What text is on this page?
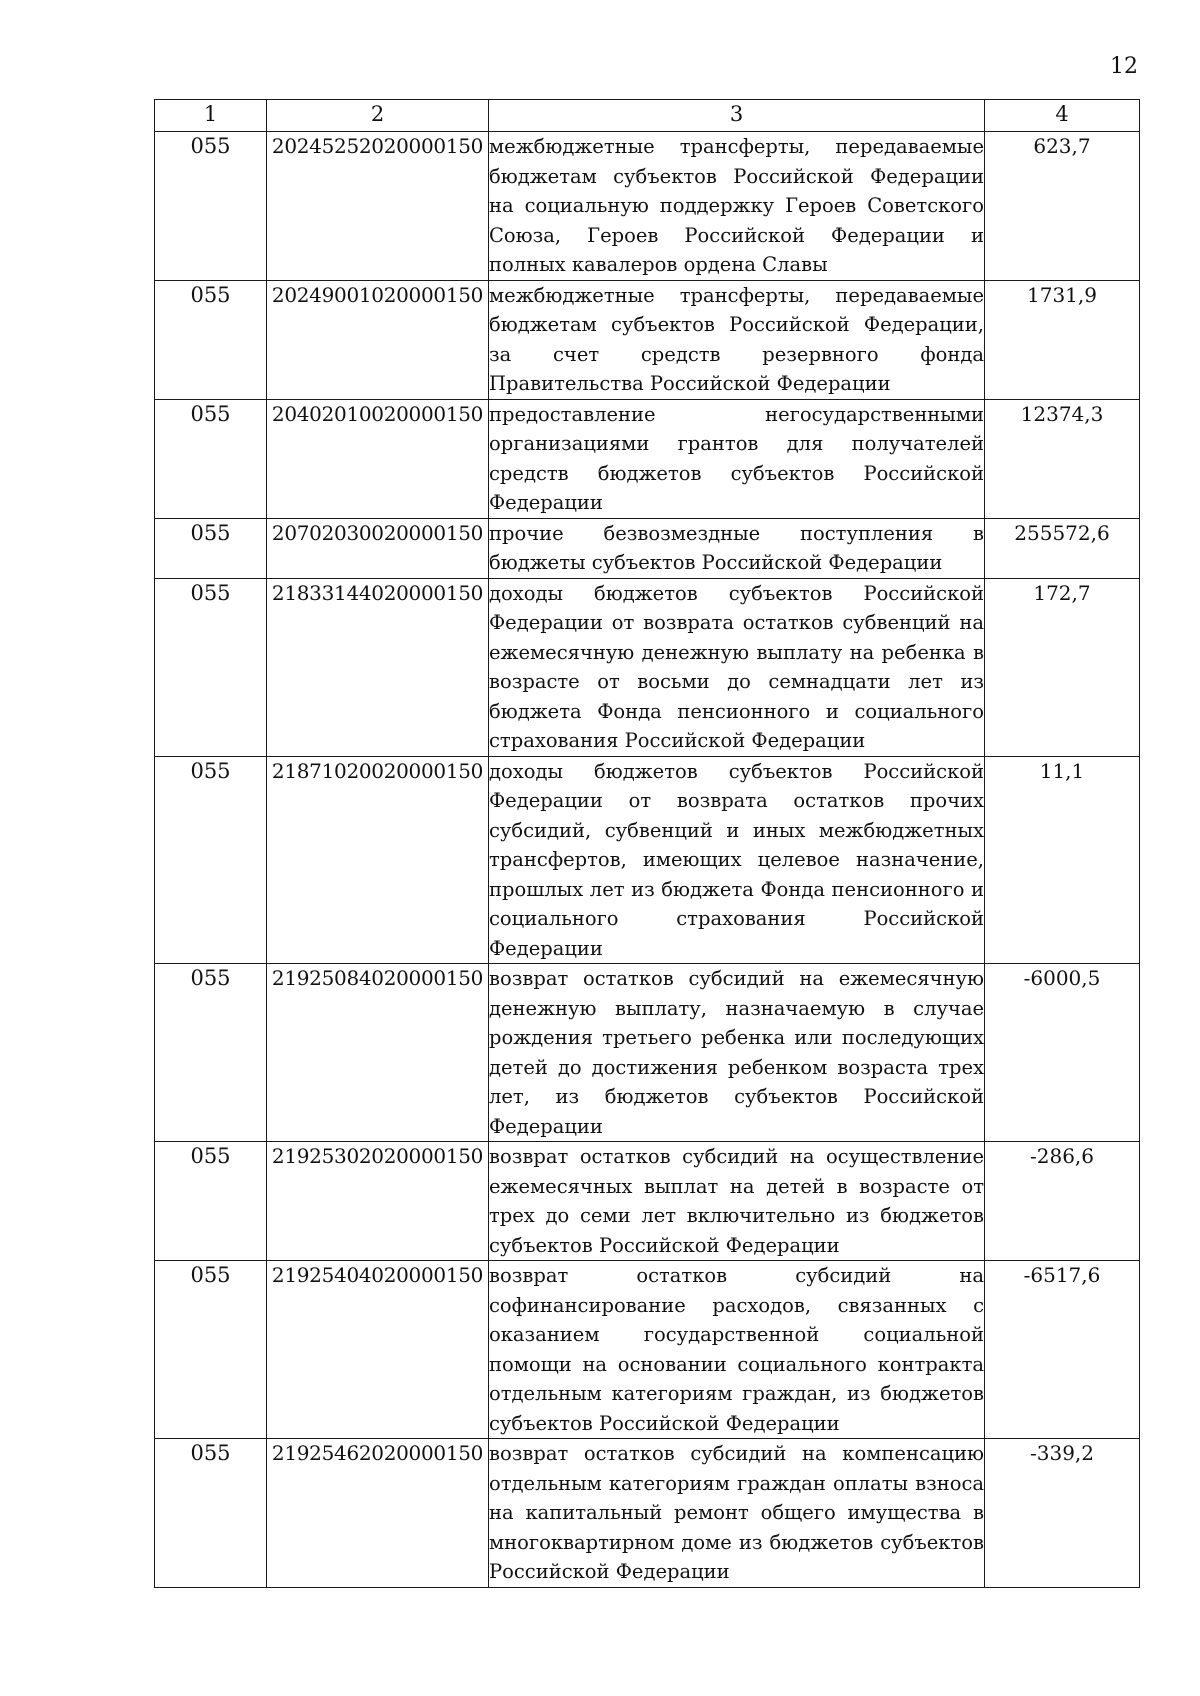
12
1	2	3	4
055	20245252020000150	межбюджетные трансферты, передаваемые бюджетам субъектов Российской Федерации на социальную поддержку Героев Советского Союза, Героев Российской Федерации и полных кавалеров ордена Славы	623,7
055	20249001020000150	межбюджетные трансферты, передаваемые бюджетам субъектов Российской Федерации, за счет средств резервного фонда Правительства Российской Федерации	1731,9
055	20402010020000150	предоставление негосударственными организациями грантов для получателей средств бюджетов субъектов Российской Федерации	12374,3
055	20702030020000150	прочие безвозмездные поступления в бюджеты субъектов Российской Федерации	255572,6
055	21833144020000150	доходы бюджетов субъектов Российской Федерации от возврата остатков субвенций на ежемесячную денежную выплату на ребенка в возрасте от восьми до семнадцати лет из бюджета Фонда пенсионного и социального страхования Российской Федерации	172,7
055	21871020020000150	доходы бюджетов субъектов Российской Федерации от возврата остатков прочих субсидий, субвенций и иных межбюджетных трансфертов, имеющих целевое назначение, прошлых лет из бюджета Фонда пенсионного и социального страхования Российской Федерации	11,1
055	21925084020000150	возврат остатков субсидий на ежемесячную денежную выплату, назначаемую в случае рождения третьего ребенка или последующих детей до достижения ребенком возраста трех лет, из бюджетов субъектов Российской Федерации	-6000,5
055	21925302020000150	возврат остатков субсидий на осуществление ежемесячных выплат на детей в возрасте от трех до семи лет включительно из бюджетов субъектов Российской Федерации	-286,6
055	21925404020000150	возврат остатков субсидий на софинансирование расходов, связанных с оказанием государственной социальной помощи на основании социального контракта отдельным категориям граждан, из бюджетов субъектов Российской Федерации	-6517,6
055	21925462020000150	возврат остатков субсидий на компенсацию отдельным категориям граждан оплаты взноса на капитальный ремонт общего имущества в многоквартирном доме из бюджетов субъектов Российской Федерации	-339,2
